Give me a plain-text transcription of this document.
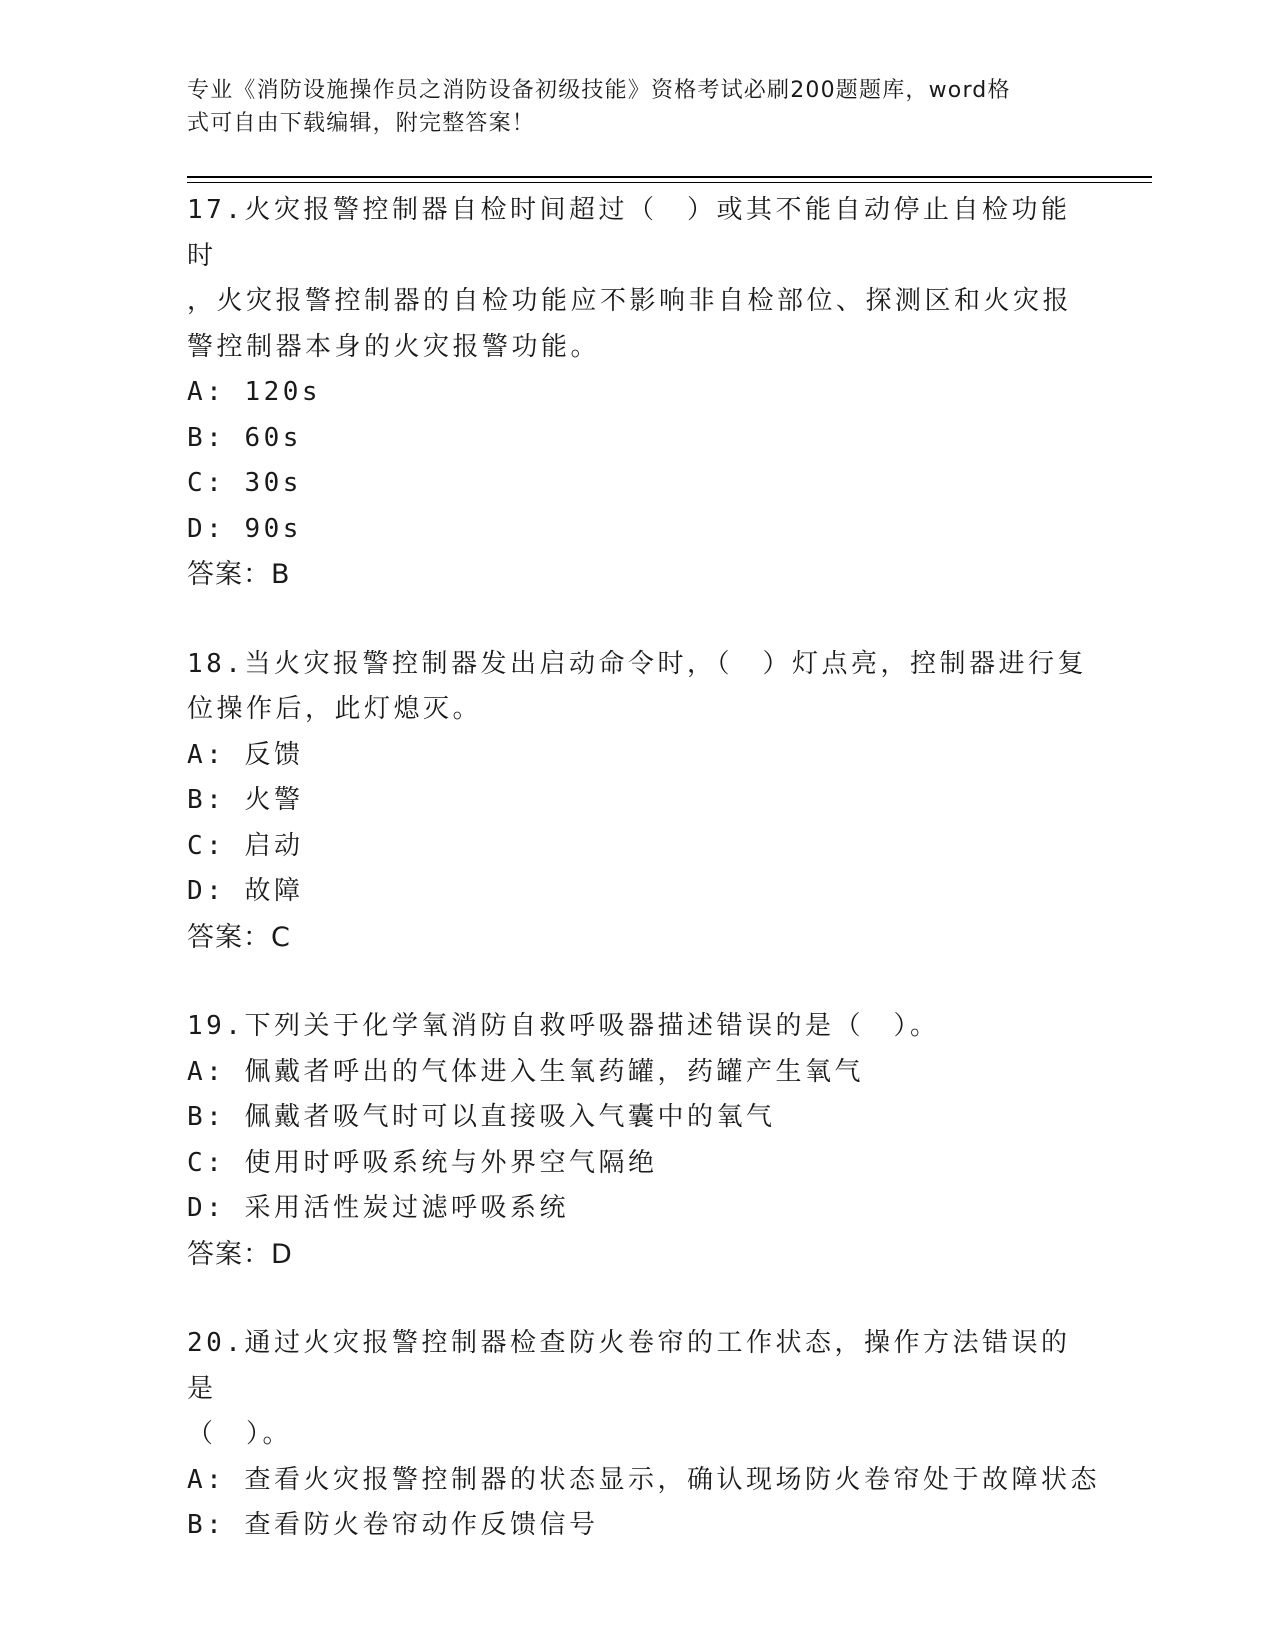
专业《消防设施操作员之消防设备初级技能》资格考试必刷200题题库，word格
式可自由下载编辑，附完整答案！
17.火灾报警控制器自检时间超过（　）或其不能自动停止自检功能时
，火灾报警控制器的自检功能应不影响非自检部位、探测区和火灾报
警控制器本身的火灾报警功能。
A: 120s
B: 60s
C: 30s
D: 90s
答案：B
18.当火灾报警控制器发出启动命令时，（　）灯点亮，控制器进行复
位操作后，此灯熄灭。
A: 反馈
B: 火警
C: 启动
D: 故障
答案：C
19.下列关于化学氧消防自救呼吸器描述错误的是（　）。
A: 佩戴者呼出的气体进入生氧药罐，药罐产生氧气
B: 佩戴者吸气时可以直接吸入气囊中的氧气
C: 使用时呼吸系统与外界空气隔绝
D: 采用活性炭过滤呼吸系统
答案：D
20.通过火灾报警控制器检查防火卷帘的工作状态，操作方法错误的是
（　）。
A: 查看火灾报警控制器的状态显示，确认现场防火卷帘处于故障状态
B: 查看防火卷帘动作反馈信号
